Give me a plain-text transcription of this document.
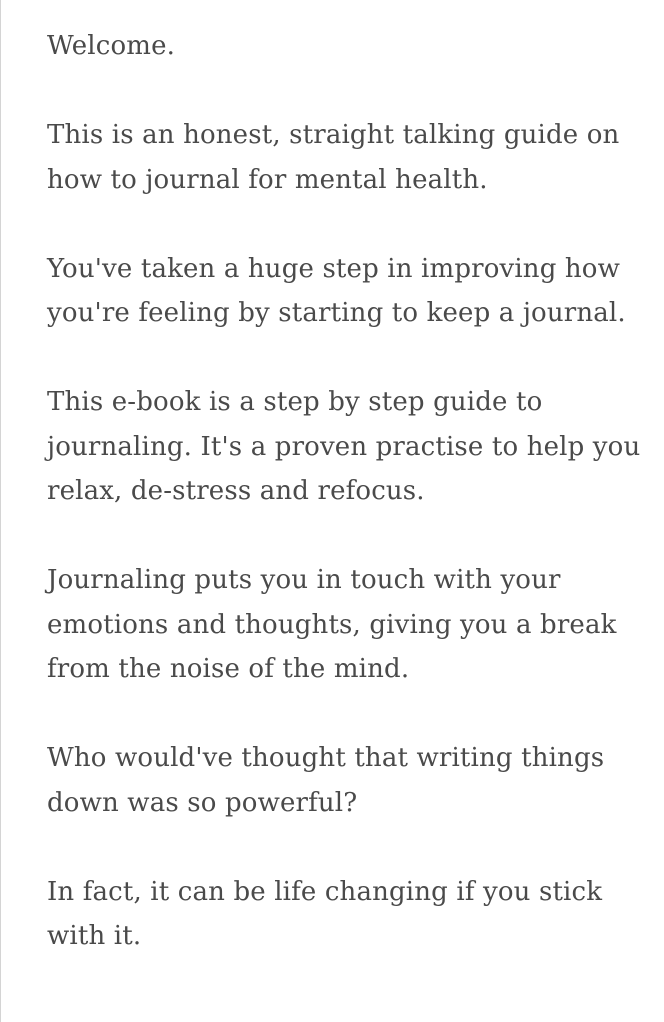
Welcome.

This is an honest, straight talking guide on how to journal for mental health.

You've taken a huge step in improving how you're feeling by starting to keep a journal.

This e-book is a step by step guide to journaling. It's a proven practise to help you relax, de-stress and refocus.

Journaling puts you in touch with your emotions and thoughts, giving you a break from the noise of the mind.

Who would've thought that writing things down was so powerful?

In fact, it can be life changing if you stick with it.
